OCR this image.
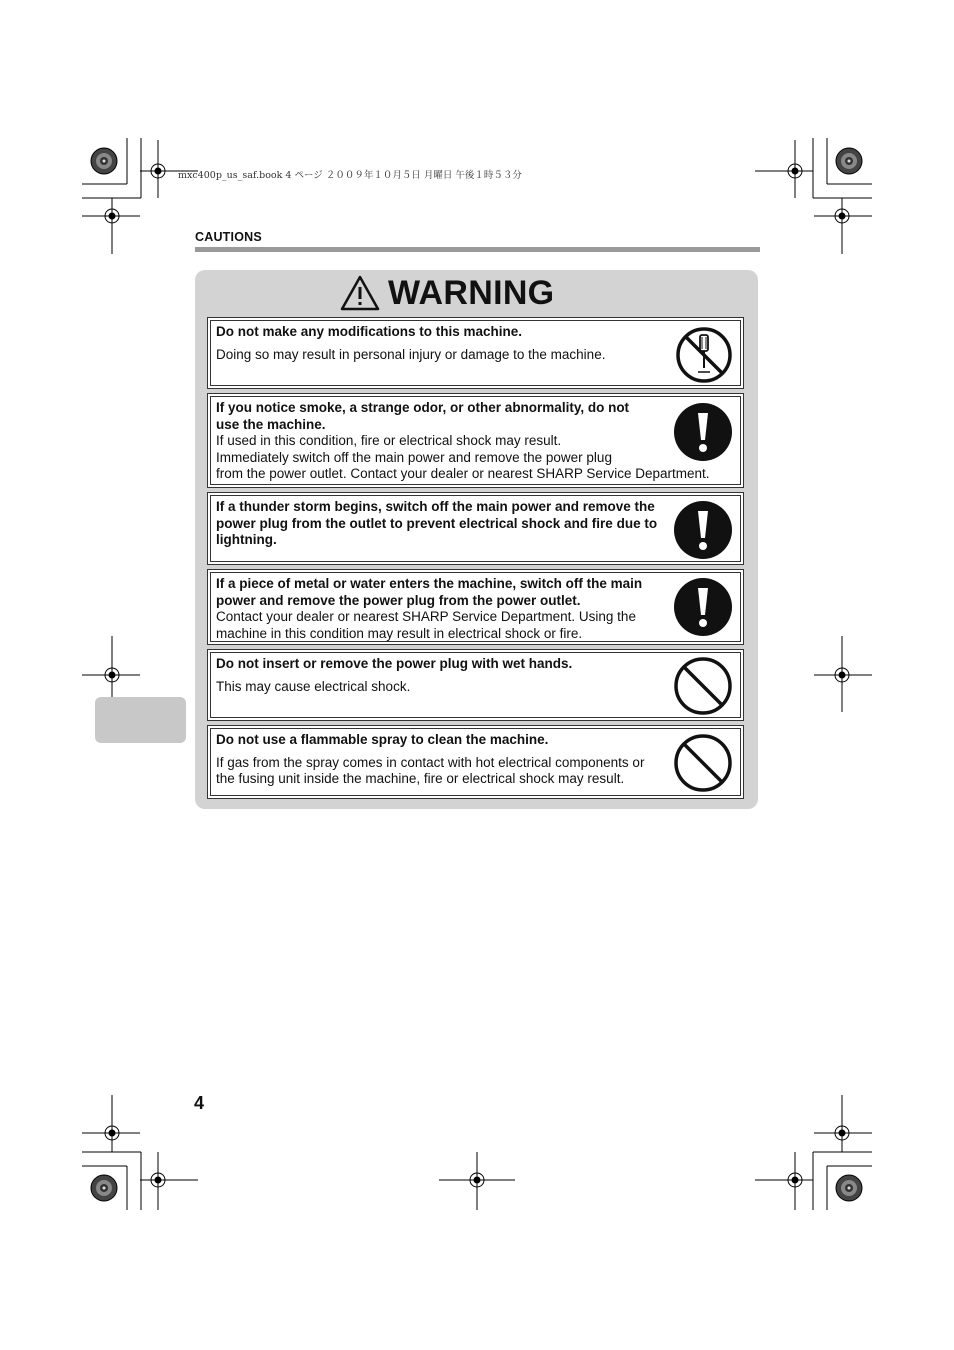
mxc400p_us_saf.book 4 ページ ２００９年１０月５日 月曜日 午後１時５３分
CAUTIONS
WARNING
Do not make any modifications to this machine.
Doing so may result in personal injury or damage to the machine.
If you notice smoke, a strange odor, or other abnormality, do not use the machine.
If used in this condition, fire or electrical shock may result.
Immediately switch off the main power and remove the power plug
from the power outlet. Contact your dealer or nearest SHARP Service Department.
If a thunder storm begins, switch off the main power and remove the power plug from the outlet to prevent electrical shock and fire due to lightning.
If a piece of metal or water enters the machine, switch off the main power and remove the power plug from the power outlet.
Contact your dealer or nearest SHARP Service Department. Using the machine in this condition may result in electrical shock or fire.
Do not insert or remove the power plug with wet hands.
This may cause electrical shock.
Do not use a flammable spray to clean the machine.
If gas from the spray comes in contact with hot electrical components or the fusing unit inside the machine, fire or electrical shock may result.
4
